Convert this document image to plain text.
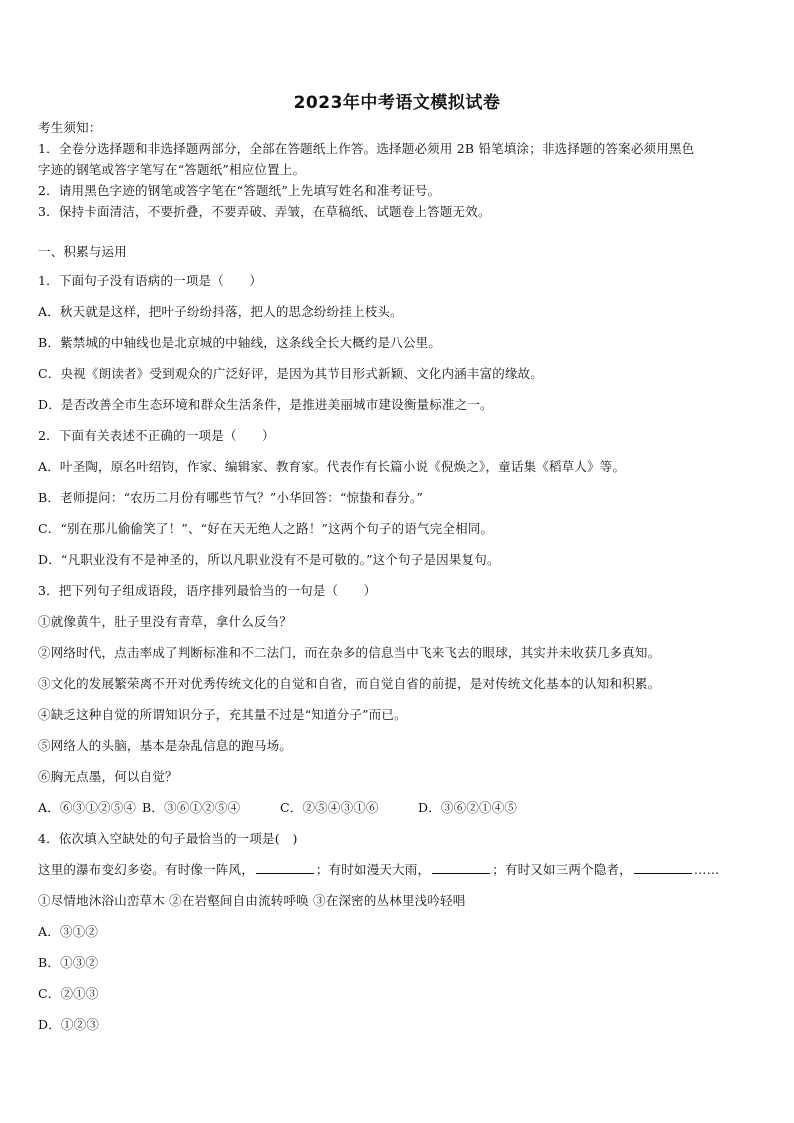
2023年中考语文模拟试卷
考生须知：
1．全卷分选择题和非选择题两部分，全部在答题纸上作答。选择题必须用 2B 铅笔填涂；非选择题的答案必须用黑色
字迹的钢笔或答字笔写在“答题纸”相应位置上。
2．请用黑色字迹的钢笔或答字笔在“答题纸”上先填写姓名和准考证号。
3．保持卡面清洁，不要折叠，不要弄破、弄皱，在草稿纸、试题卷上答题无效。
一、积累与运用
1．下面句子没有语病的一项是（　　）
A．秋天就是这样，把叶子纷纷抖落，把人的思念纷纷挂上枝头。
B．紫禁城的中轴线也是北京城的中轴线，这条线全长大概约是八公里。
C．央视《朗读者》受到观众的广泛好评，是因为其节目形式新颖、文化内涵丰富的缘故。
D．是否改善全市生态环境和群众生活条件，是推进美丽城市建设衡量标准之一。
2．下面有关表述不正确的一项是（　　）
A．叶圣陶，原名叶绍钧，作家、编辑家、教育家。代表作有长篇小说《倪焕之》，童话集《稻草人》等。
B．老师提问：“农历二月份有哪些节气？”小华回答：“惊蛰和春分。”
C．“别在那儿偷偷笑了！”、“好在天无绝人之路！”这两个句子的语气完全相同。
D．“凡职业没有不是神圣的，所以凡职业没有不是可敬的。”这个句子是因果复句。
3．把下列句子组成语段，语序排列最恰当的一句是（　　）
①就像黄牛，肚子里没有青草，拿什么反刍？
②网络时代，点击率成了判断标准和不二法门，而在杂多的信息当中飞来飞去的眼球，其实并未收获几多真知。
③文化的发展繁荣离不开对优秀传统文化的自觉和自省，而自觉自省的前提，是对传统文化基本的认知和积累。
④缺乏这种自觉的所谓知识分子，充其量不过是“知道分子”而已。
⑤网络人的头脑，基本是杂乱信息的跑马场。
⑥胸无点墨，何以自觉？
A．⑥③①②⑤④ B．③⑥①②⑤④	C．②⑤④③①⑥	D．③⑥②①④⑤
4．依次填入空缺处的句子最恰当的一项是(　)
这里的瀑布变幻多姿。有时像一阵风，	；有时如漫天大雨，	；有时又如三两个隐者，	……
①尽情地沐浴山峦草木 ②在岩壑间自由流转呼唤 ③在深密的丛林里浅吟轻唱
A．③①②
B．①③②
C．②①③
D．①②③
